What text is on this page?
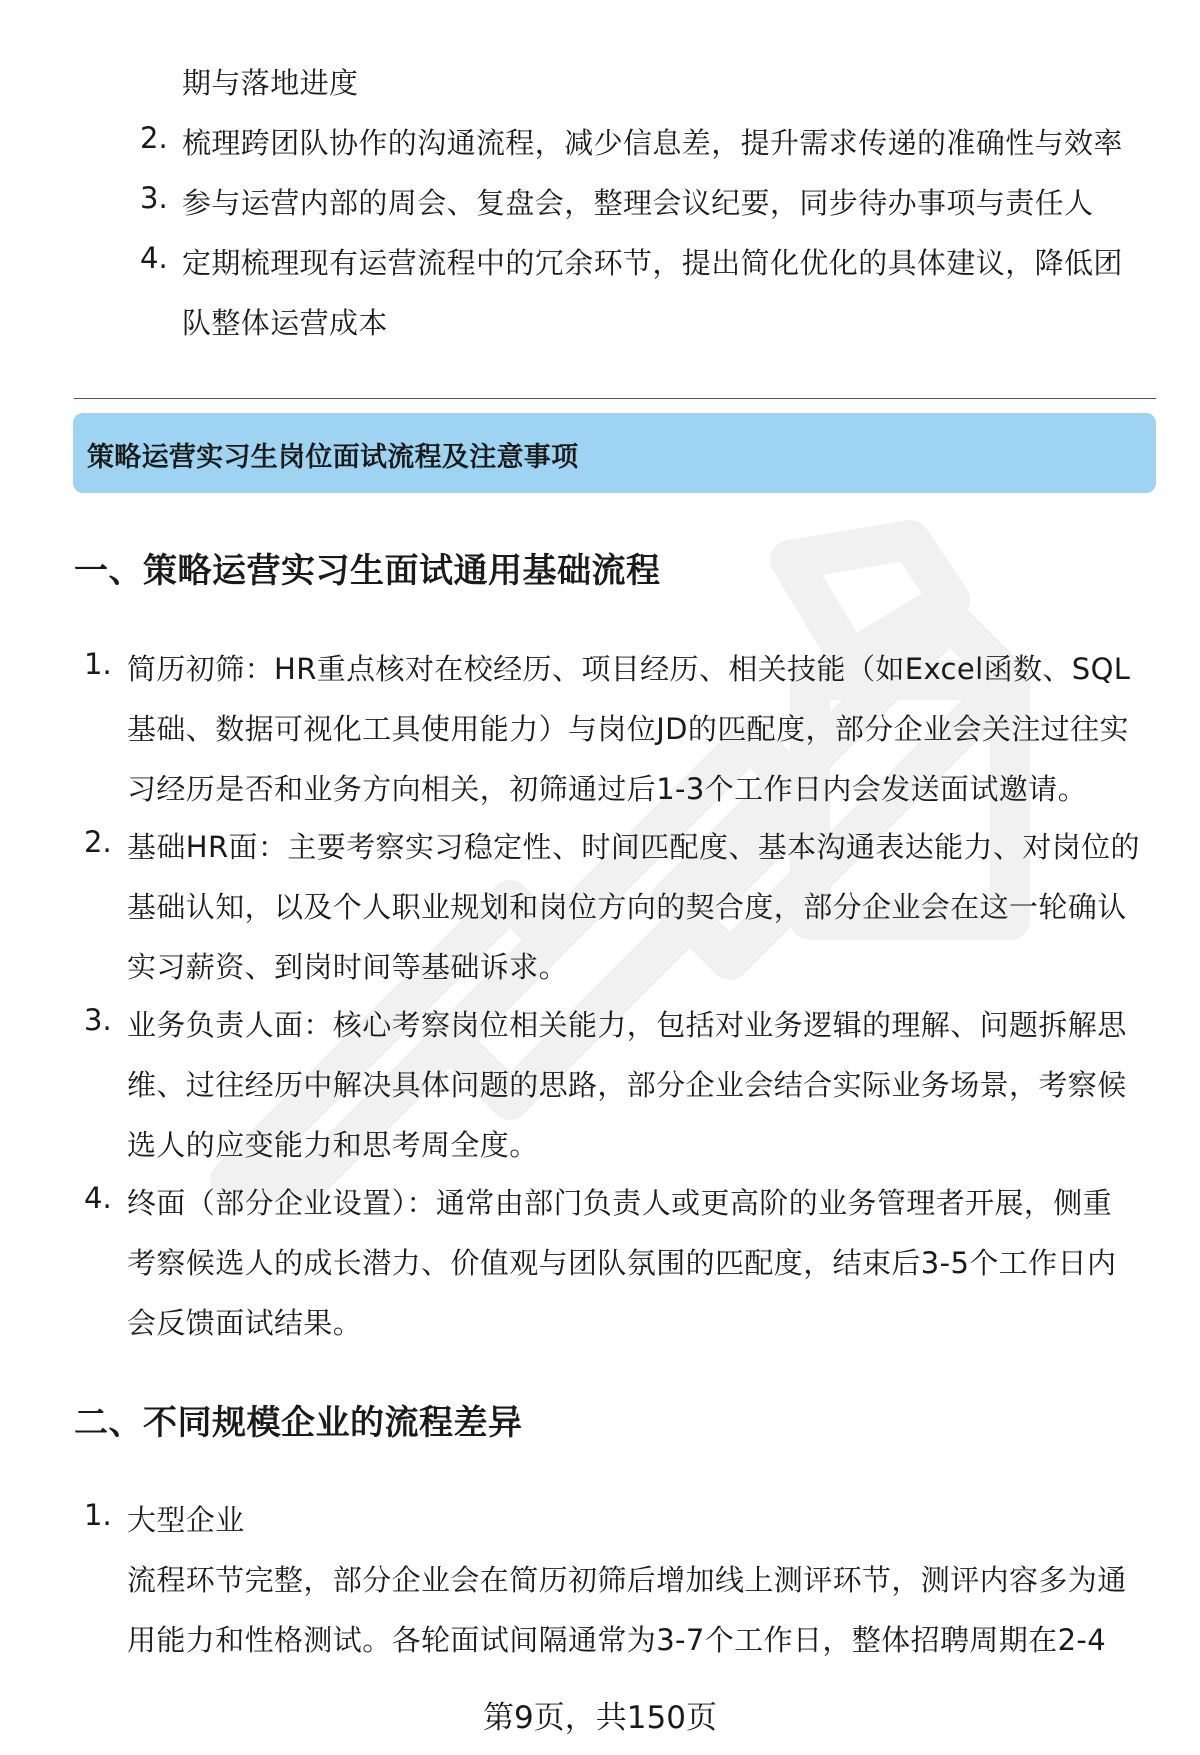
期与落地进度
2. 梳理跨团队协作的沟通流程，减少信息差，提升需求传递的准确性与效率
3. 参与运营内部的周会、复盘会，整理会议纪要，同步待办事项与责任人
4. 定期梳理现有运营流程中的冗余环节，提出简化优化的具体建议，降低团
队整体运营成本
策略运营实习生岗位面试流程及注意事项
一、策略运营实习生面试通用基础流程
1. 简历初筛：HR重点核对在校经历、项目经历、相关技能（如Excel函数、SQL
基础、数据可视化工具使用能力）与岗位JD的匹配度，部分企业会关注过往实
习经历是否和业务方向相关，初筛通过后1-3个工作日内会发送面试邀请。
2. 基础HR面：主要考察实习稳定性、时间匹配度、基本沟通表达能力、对岗位的
基础认知，以及个人职业规划和岗位方向的契合度，部分企业会在这一轮确认
实习薪资、到岗时间等基础诉求。
3. 业务负责人面：核心考察岗位相关能力，包括对业务逻辑的理解、问题拆解思
维、过往经历中解决具体问题的思路，部分企业会结合实际业务场景，考察候
选人的应变能力和思考周全度。
4. 终面（部分企业设置）：通常由部门负责人或更高阶的业务管理者开展，侧重
考察候选人的成长潜力、价值观与团队氛围的匹配度，结束后3-5个工作日内
会反馈面试结果。
二、不同规模企业的流程差异
1. 大型企业
流程环节完整，部分企业会在简历初筛后增加线上测评环节，测评内容多为通
用能力和性格测试。各轮面试间隔通常为3-7个工作日，整体招聘周期在2-4
第9页，共150页
